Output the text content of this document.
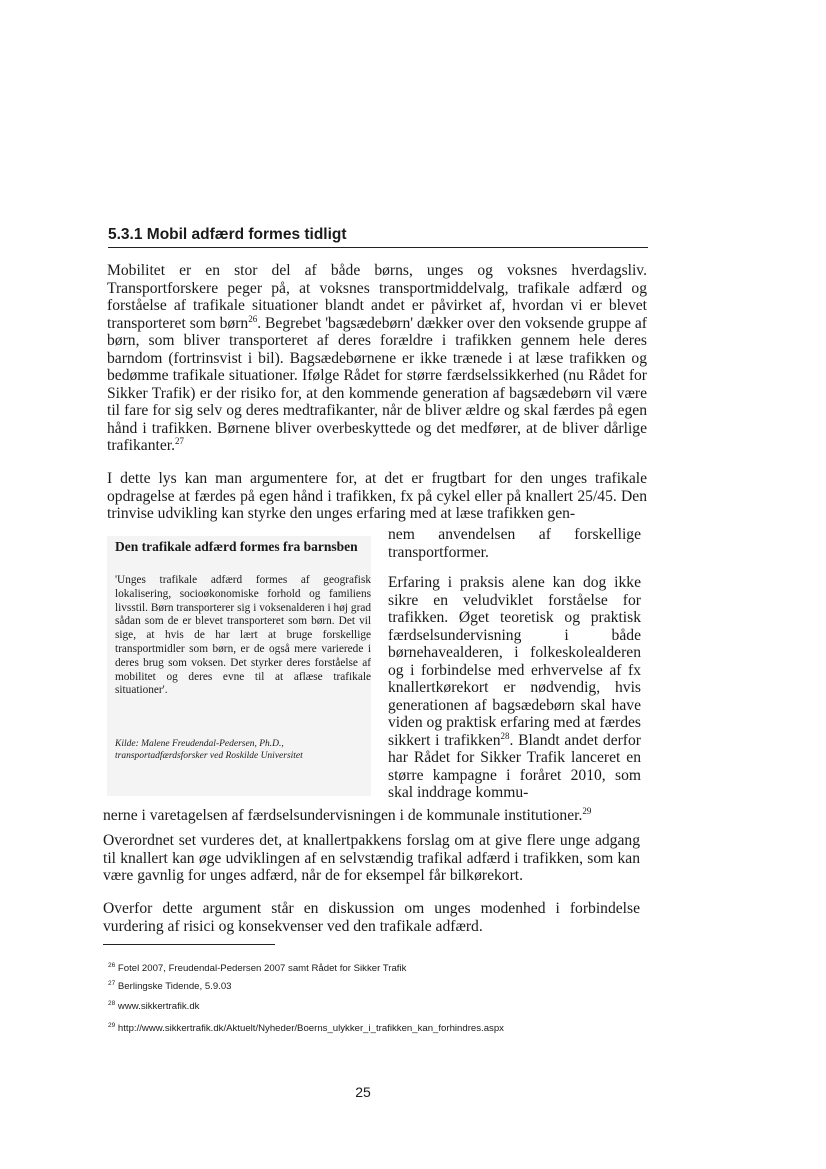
5.3.1 Mobil adfærd formes tidligt

Mobilitet er en stor del af både børns, unges og voksnes hverdagsliv. Transportforskere peger på, at voksnes transportmiddelvalg, trafikale adfærd og forståelse af trafikale situationer blandt andet er påvirket af, hvordan vi er blevet transporteret som børn$^{26}$. Begrebet 'bagsædebørn' dækker over den voksende gruppe af børn, som bliver transporteret af deres forældre i trafikken gennem hele deres barndom (fortrinsvist i bil). Bagsædebørnene er ikke trænede i at læse trafikken og bedømme trafikale situationer. Ifølge Rådet for større færdselssikkerhed (nu Rådet for Sikker Trafik) er der risiko for, at den kommende generation af bagsædebørn vil være til fare for sig selv og deres medtrafikanter, når de bliver ældre og skal færdes på egen hånd i trafikken. Børnene bliver overbeskyttede og det medfører, at de bliver dårlige trafikanter.$^{27}$

I dette lys kan man argumentere for, at det er frugtbart for den unges trafikale opdragelse at færdes på egen hånd i trafikken, fx på cykel eller på knallert 25/45. Den trinvise udvikling kan styrke den unges erfaring med at læse trafikken gen-

Den trafikale adfærd formes fra barnsben
'Unges trafikale adfærd formes af geografisk lokalisering, socioøkonomiske forhold og familiens livsstil. Børn transporterer sig i voksenalderen i høj grad sådan som de er blevet transporteret som børn. Det vil sige, at hvis de har lært at bruge forskellige transportmidler som børn, er de også mere varierede i deres brug som voksen. Det styrker deres forståelse af mobilitet og deres evne til at aflæse trafikale situationer'.
Kilde: Malene Freudendal-Pedersen, Ph.D., transportadfærdsforsker ved Roskilde Universitet

nem anvendelsen af forskellige transportformer.

Erfaring i praksis alene kan dog ikke sikre en veludviklet forståelse for trafikken. Øget teoretisk og praktisk færdselsundervisning i både børnehavealderen, i folkeskolealderen og i forbindelse med erhvervelse af fx knallertkørekort er nødvendig, hvis generationen af bagsædebørn skal have viden og praktisk erfaring med at færdes sikkert i trafikken$^{28}$. Blandt andet derfor har Rådet for Sikker Trafik lanceret en større kampagne i foråret 2010, som skal inddrage kommu-

nerne i varetagelsen af færdselsundervisningen i de kommunale institutioner.$^{29}$

Overordnet set vurderes det, at knallertpakkens forslag om at give flere unge adgang til knallert kan øge udviklingen af en selvstændig trafikal adfærd i trafikken, som kan være gavnlig for unges adfærd, når de for eksempel får bilkørekort.

Overfor dette argument står en diskussion om unges modenhed i forbindelse vurdering af risici og konsekvenser ved den trafikale adfærd.

$^{26}$ Fotel 2007, Freudendal-Pedersen 2007 samt Rådet for Sikker Trafik
$^{27}$ Berlingske Tidende, 5.9.03
$^{28}$ www.sikkertrafik.dk
$^{29}$ http://www.sikkertrafik.dk/Aktuelt/Nyheder/Boerns_ulykker_i_trafikken_kan_forhindres.aspx
25
